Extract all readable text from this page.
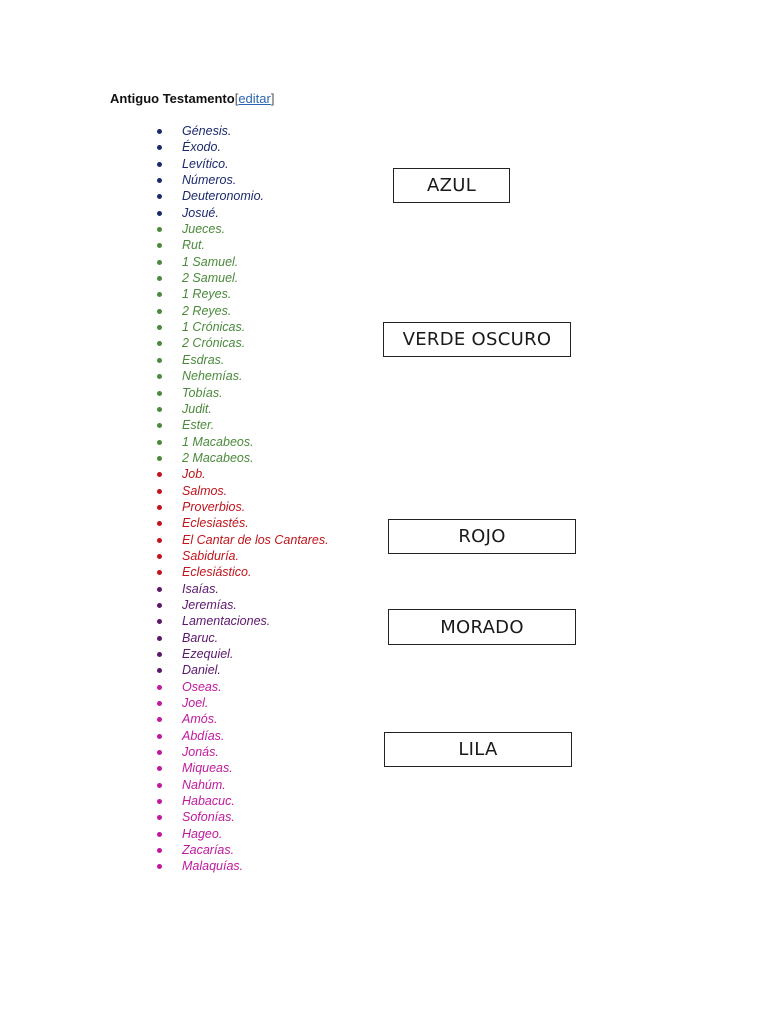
Antiguo Testamento[editar]
Génesis.
Éxodo.
Levítico.
Números.
Deuteronomio.
Josué.
Jueces.
Rut.
1 Samuel.
2 Samuel.
1 Reyes.
2 Reyes.
1 Crónicas.
2 Crónicas.
Esdras.
Nehemías.
Tobías.
Judit.
Ester.
1 Macabeos.
2 Macabeos.
Job.
Salmos.
Proverbios.
Eclesiastés.
El Cantar de los Cantares.
Sabiduría.
Eclesiástico.
Isaías.
Jeremías.
Lamentaciones.
Baruc.
Ezequiel.
Daniel.
Oseas.
Joel.
Amós.
Abdías.
Jonás.
Miqueas.
Nahúm.
Habacuc.
Sofonías.
Hageo.
Zacarías.
Malaquías.
AZUL
VERDE OSCURO
ROJO
MORADO
LILA
